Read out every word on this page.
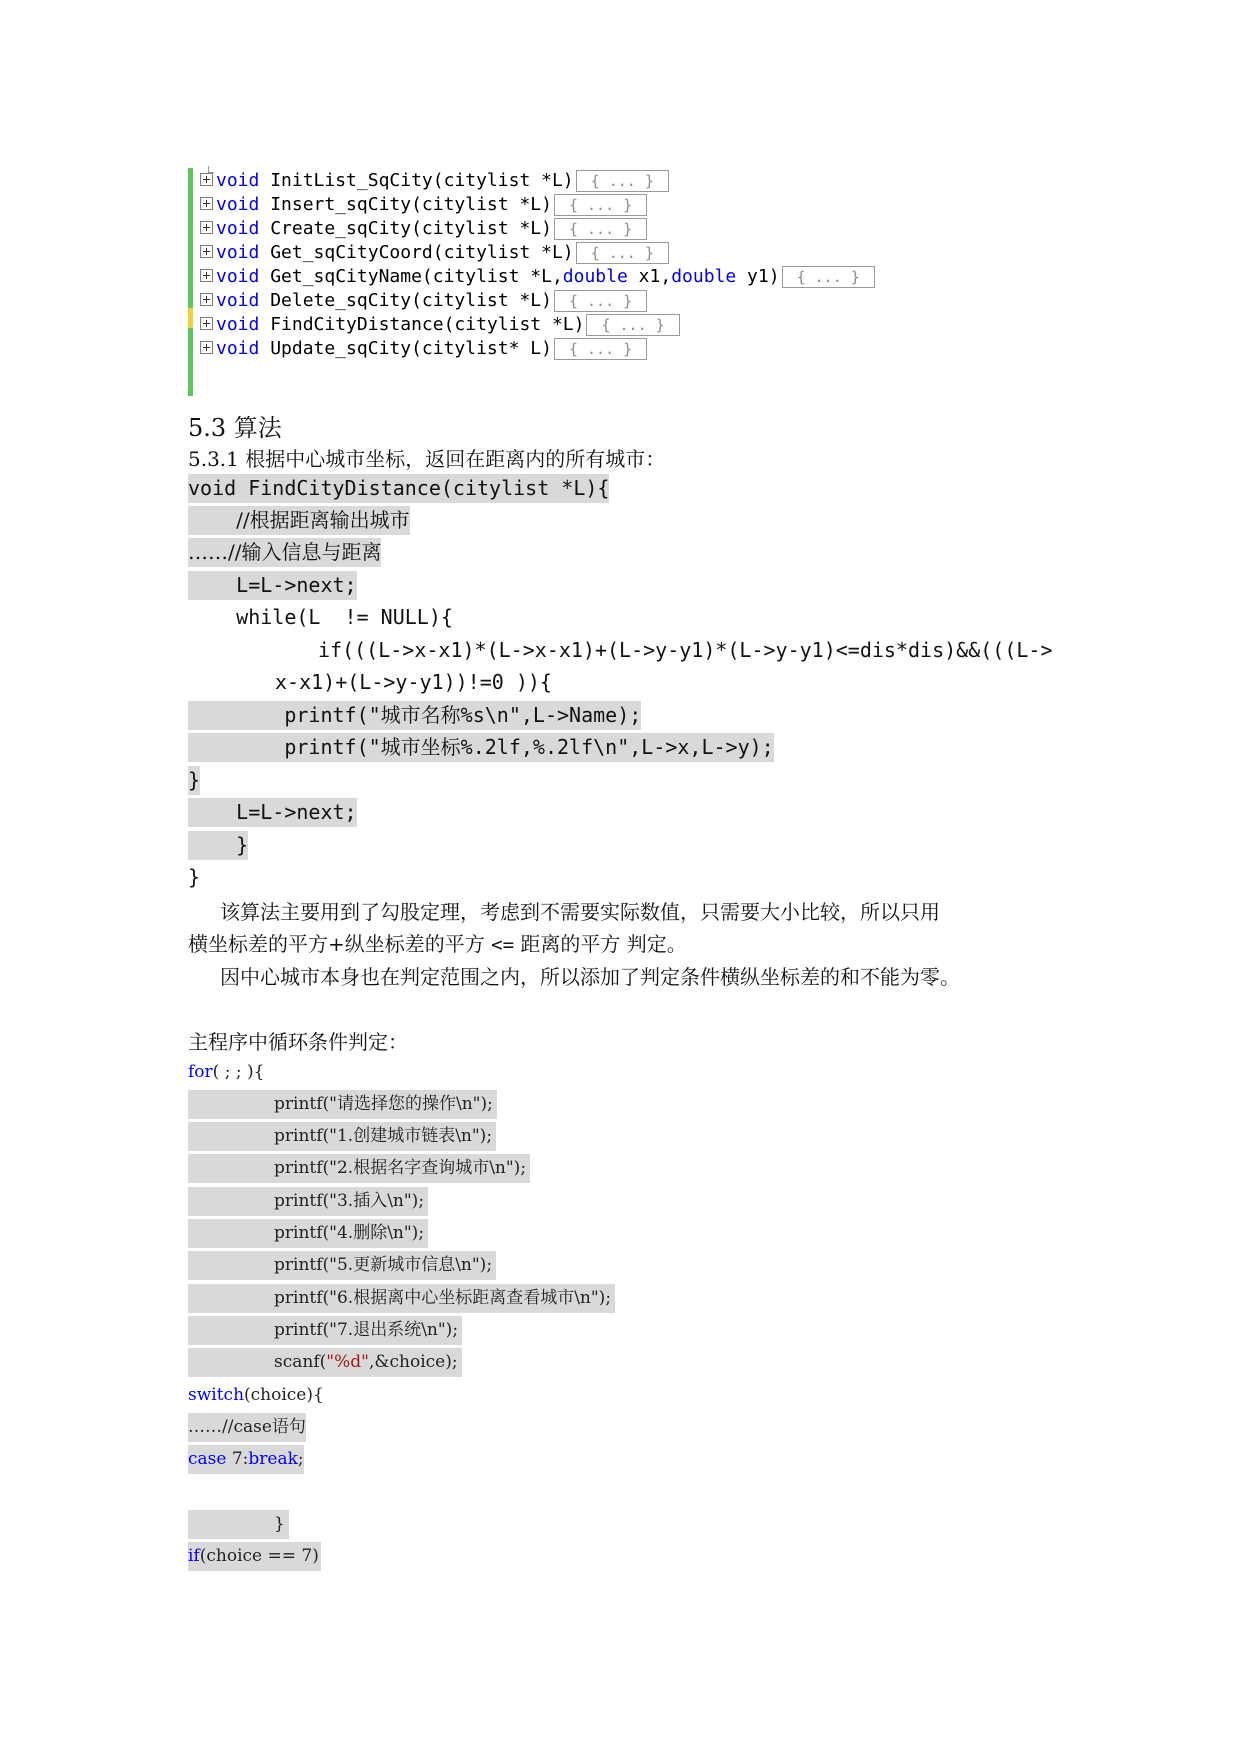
void InitList_SqCity(citylist *L) { ... }
void Insert_sqCity(citylist *L) { ... }
void Create_sqCity(citylist *L) { ... }
void Get_sqCityCoord(citylist *L) { ... }
void Get_sqCityName(citylist *L,double x1,double y1) { ... }
void Delete_sqCity(citylist *L) { ... }
void FindCityDistance(citylist *L) { ... }
void Update_sqCity(citylist* L) { ... }
5.3 算法
5.3.1 根据中心城市坐标，返回在距离内的所有城市：
void FindCityDistance(citylist *L){
//根据距离输出城市
……//输入信息与距离
L=L->next;
while(L  != NULL){
if(((L->x-x1)*(L->x-x1)+(L->y-y1)*(L->y-y1)<=dis*dis)&&(((L->
x-x1)+(L->y-y1))!=0 )){
printf("城市名称%s\n",L->Name);
printf("城市坐标%.2lf,%.2lf\n",L->x,L->y);
}
L=L->next;
}
}
该算法主要用到了勾股定理，考虑到不需要实际数值，只需要大小比较，所以只用
横坐标差的平方+纵坐标差的平方 <= 距离的平方 判定。
因中心城市本身也在判定范围之内，所以添加了判定条件横纵坐标差的和不能为零。
主程序中循环条件判定：
for( ; ; ){
printf("请选择您的操作\n");
printf("1.创建城市链表\n");
printf("2.根据名字查询城市\n");
printf("3.插入\n");
printf("4.删除\n");
printf("5.更新城市信息\n");
printf("6.根据离中心坐标距离查看城市\n");
printf("7.退出系统\n");
scanf("%d",&choice);
switch(choice){
……//case语句
case 7:break;
}
if(choice == 7)
